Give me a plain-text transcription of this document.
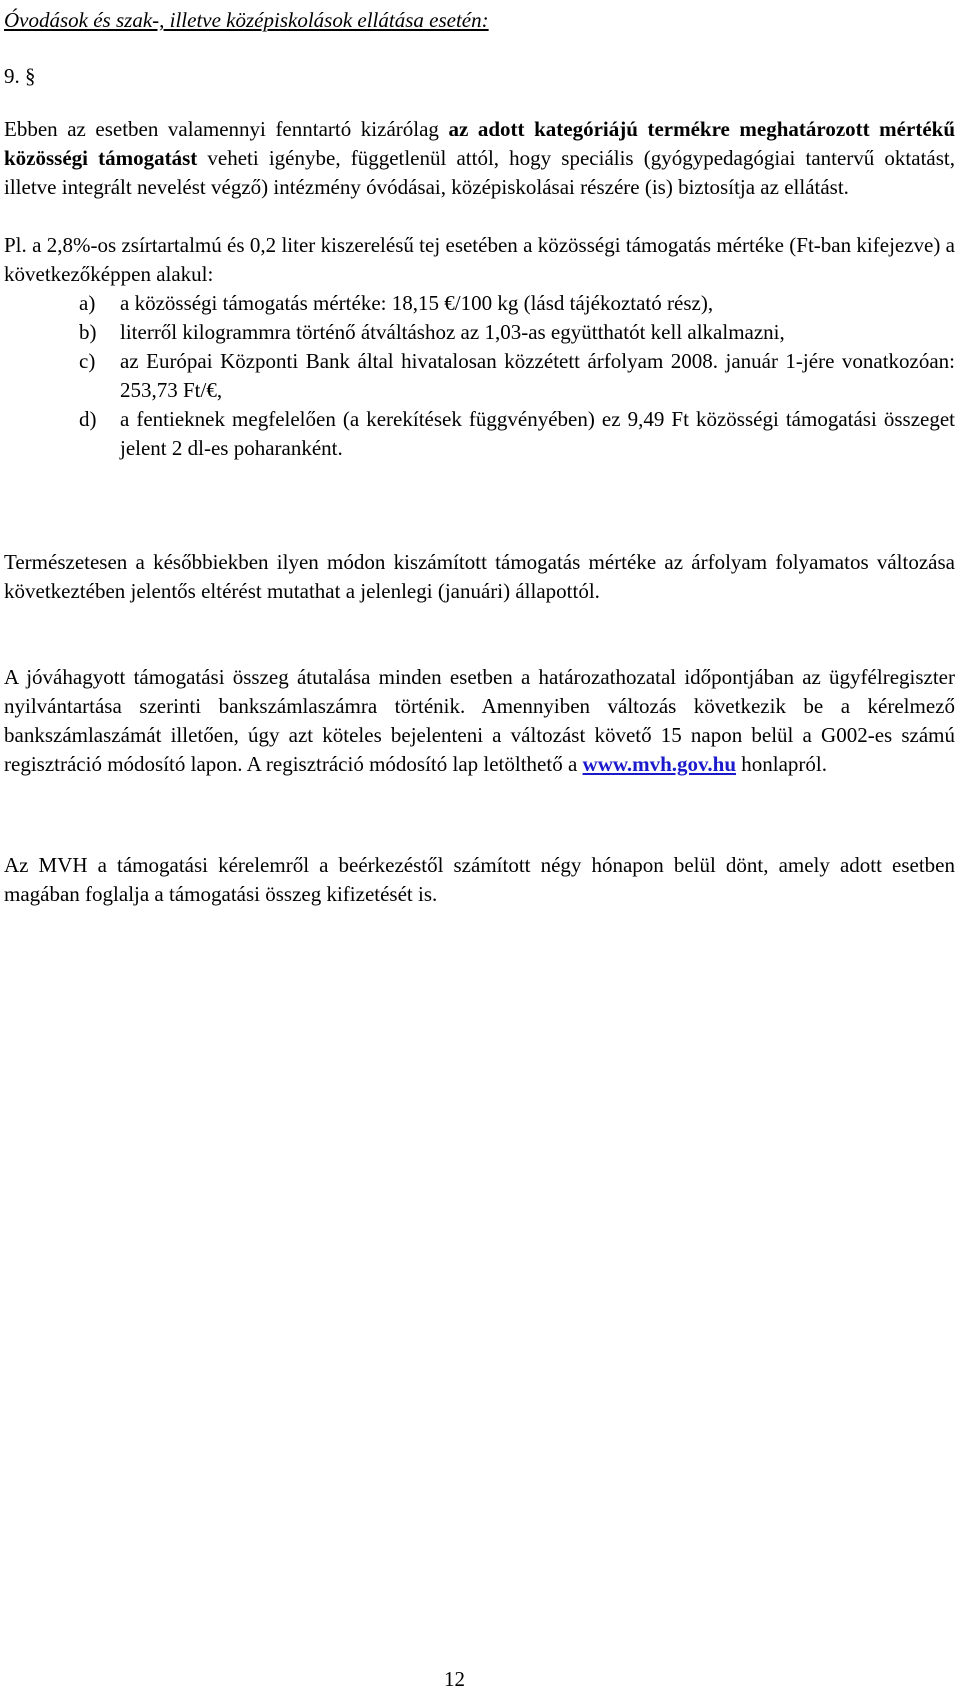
Óvodások és szak-, illetve középiskolások ellátása esetén:
9. §
Ebben az esetben valamennyi fenntartó kizárólag az adott kategóriájú termékre meghatározott mértékű közösségi támogatást veheti igénybe, függetlenül attól, hogy speciális (gyógypedagógiai tantervű oktatást, illetve integrált nevelést végző) intézmény óvódásai, középiskolásai részére (is) biztosítja az ellátást.
Pl. a 2,8%-os zsírtartalmú és 0,2 liter kiszerelésű tej esetében a közösségi támogatás mértéke (Ft-ban kifejezve) a következőképpen alakul:
a) a közösségi támogatás mértéke: 18,15 €/100 kg (lásd tájékoztató rész),
b) literről kilogrammra történő átváltáshoz az 1,03-as együtthatót kell alkalmazni,
c) az Európai Központi Bank által hivatalosan közzétett árfolyam 2008. január 1-jére vonatkozóan: 253,73 Ft/€,
d) a fentieknek megfelelően (a kerekítések függvényében) ez 9,49 Ft közösségi támogatási összeget jelent 2 dl-es poharanként.
Természetesen a későbbiekben ilyen módon kiszámított támogatás mértéke az árfolyam folyamatos változása következtében jelentős eltérést mutathat a jelenlegi (januári) állapottól.
A jóváhagyott támogatási összeg átutalása minden esetben a határozathozatal időpontjában az ügyfélregiszter nyilvántartása szerinti bankszámlaszámra történik. Amennyiben változás következik be a kérelmező bankszámlaszámát illetően, úgy azt köteles bejelenteni a változást követő 15 napon belül a G002-es számú regisztráció módosító lapon. A regisztráció módosító lap letölthető a www.mvh.gov.hu honlapról.
Az MVH a támogatási kérelemről a beérkezéstől számított négy hónapon belül dönt, amely adott esetben magában foglalja a támogatási összeg kifizetését is.
12
